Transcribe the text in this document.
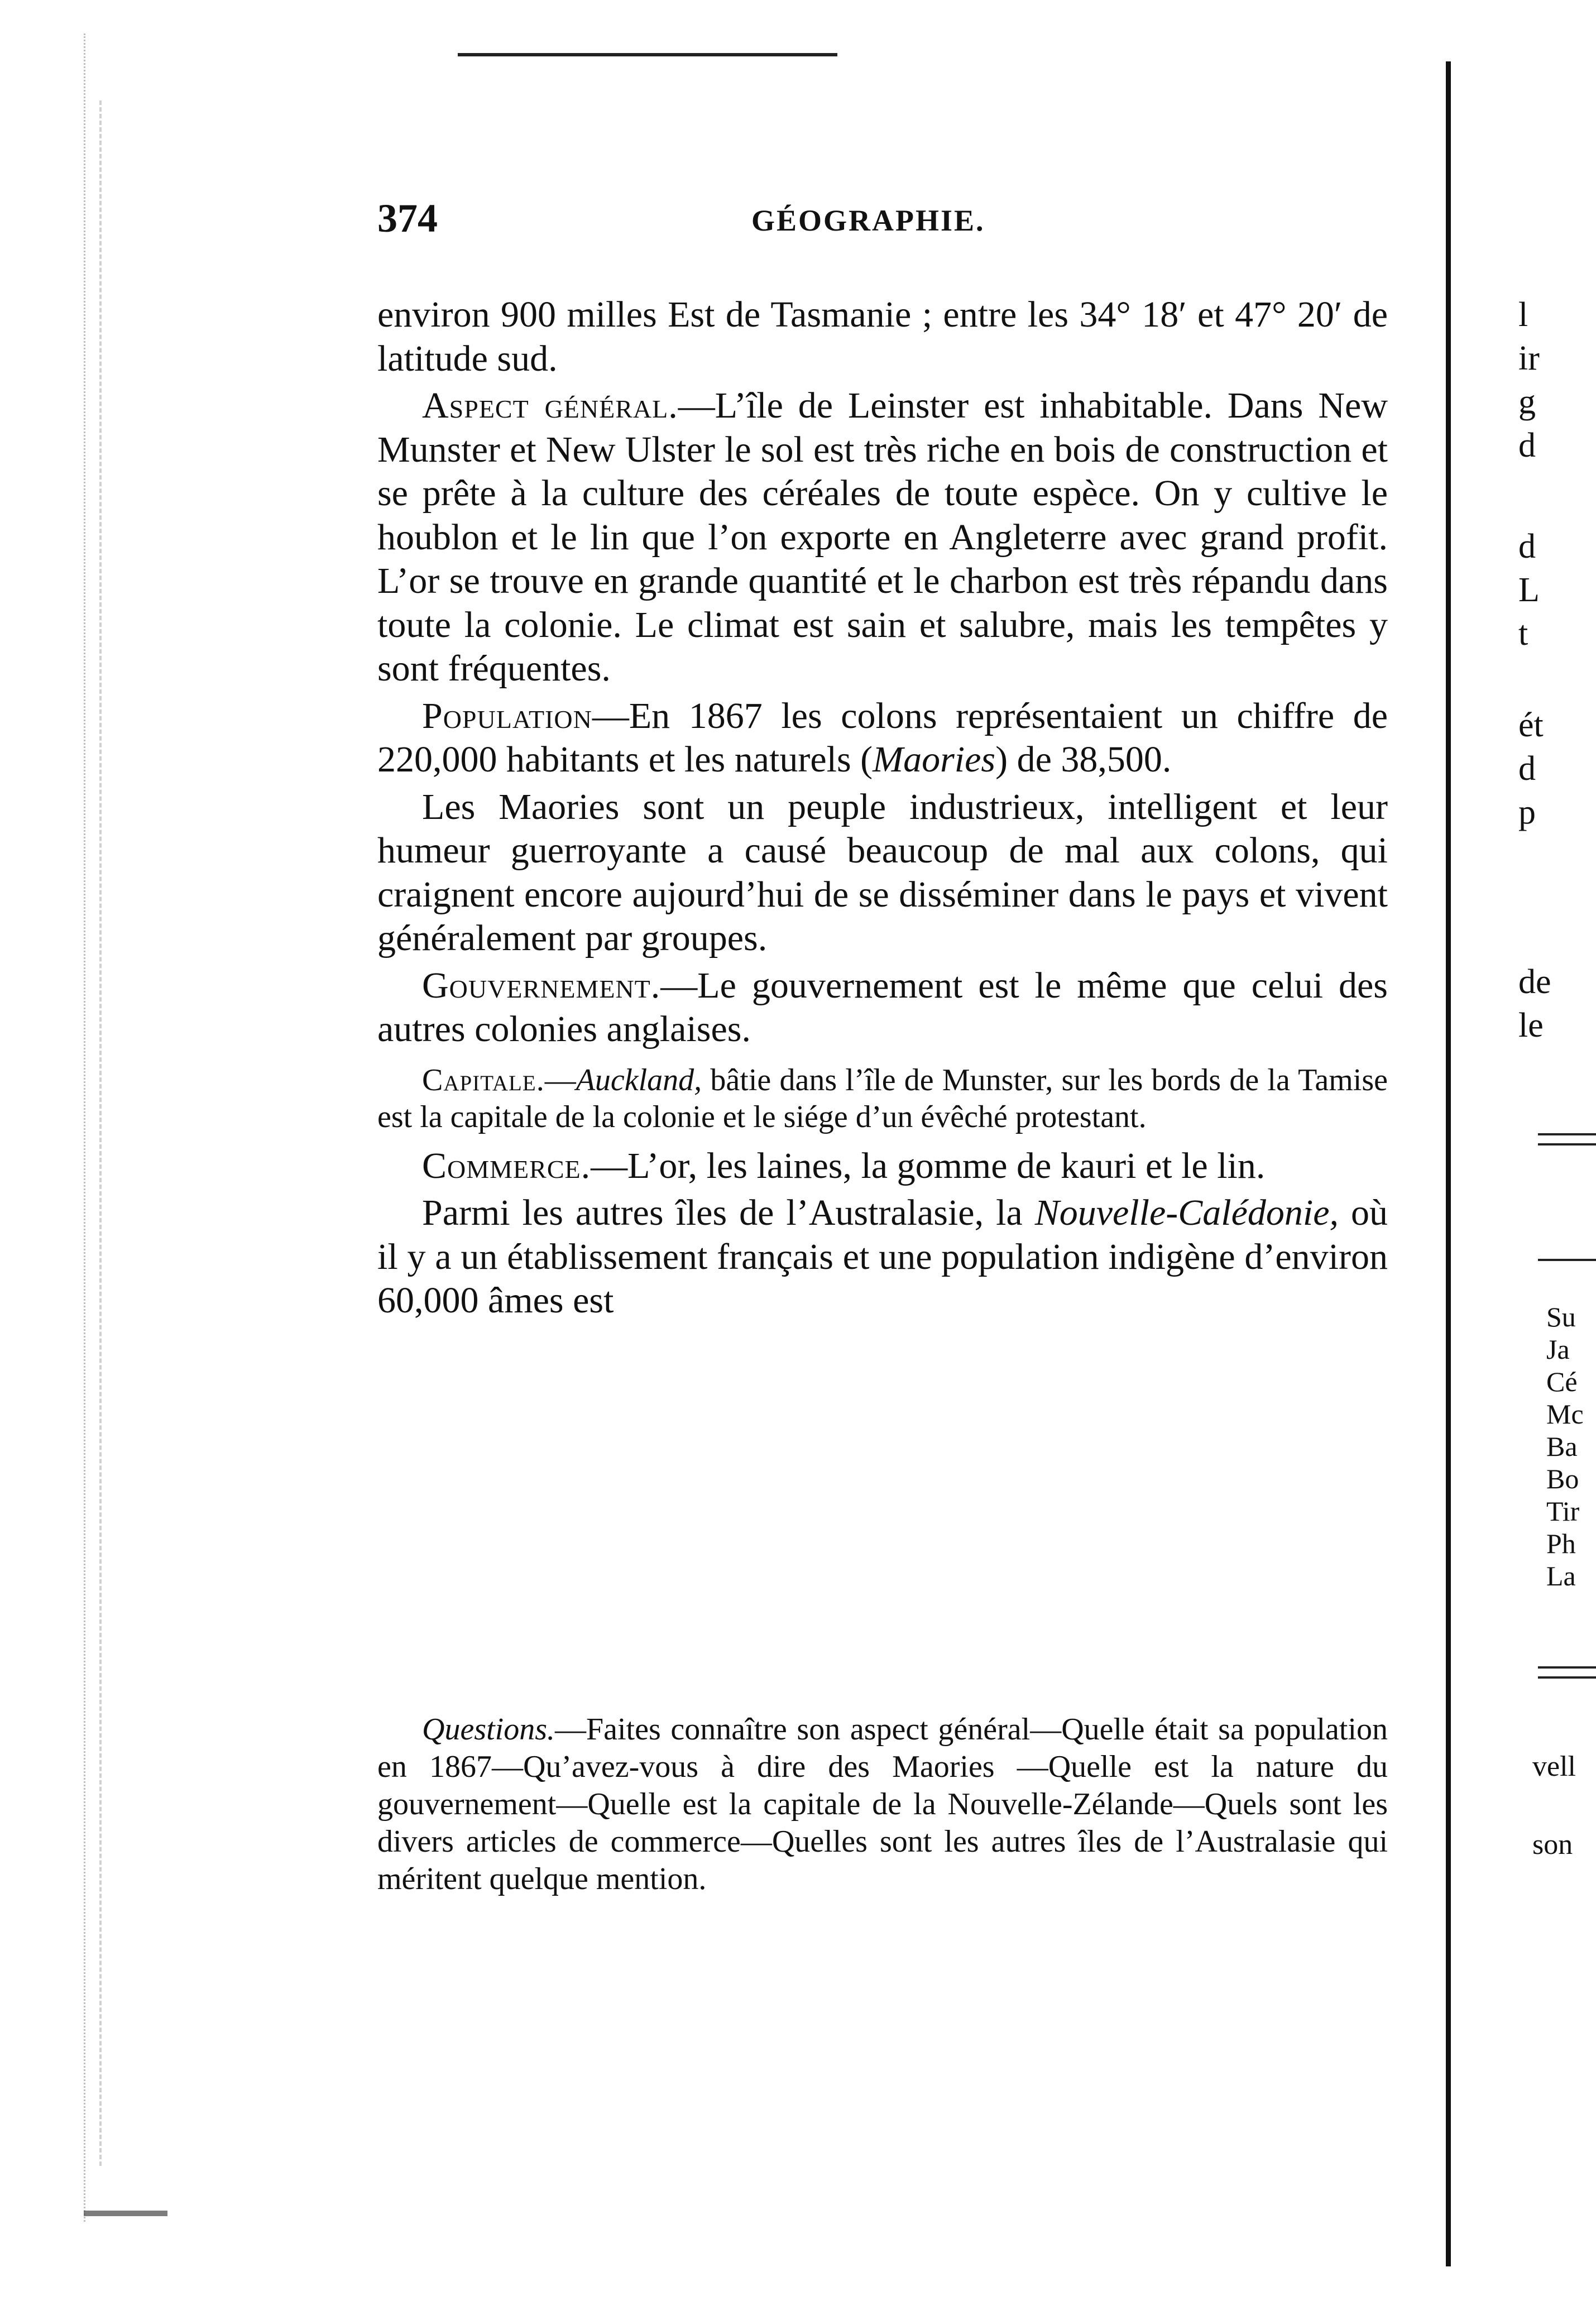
374	GÉOGRAPHIE.

environ 900 milles Est de Tasmanie ; entre les 34° 18′ et 47° 20′ de latitude sud.

Aspect général.—L’île de Leinster est inhabitable. Dans New Munster et New Ulster le sol est très riche en bois de construction et se prête à la culture des céréales de toute espèce. On y cultive le houblon et le lin que l’on exporte en Angleterre avec grand profit. L’or se trouve en grande quantité et le charbon est très répandu dans toute la colonie. Le climat est sain et salubre, mais les tempêtes y sont fréquentes.

Population—En 1867 les colons représentaient un chiffre de 220,000 habitants et les naturels (Maories) de 38,500.

Les Maories sont un peuple industrieux, intelligent et leur humeur guerroyante a causé beaucoup de mal aux colons, qui craignent encore aujourd’hui de se disséminer dans le pays et vivent généralement par groupes.

Gouvernement.—Le gouvernement est le même que celui des autres colonies anglaises.

Capitale.—Auckland, bâtie dans l’île de Munster, sur les bords de la Tamise est la capitale de la colonie et le siége d’un évêché protestant.

Commerce.—L’or, les laines, la gomme de kauri et le lin.

Parmi les autres îles de l’Australasie, la Nouvelle-Calédonie, où il y a un établissement français et une population indigène d’environ 60,000 âmes est

Questions.—Faites connaître son aspect général—Quelle était sa population en 1867—Qu’avez-vous à dire des Maories —Quelle est la nature du gouvernement—Quelle est la capitale de la Nouvelle-Zélande—Quels sont les divers articles de commerce—Quelles sont les autres îles de l’Australasie qui méritent quelque mention.
l
ir
g
d
d
L
t
ét
d
p
de
le
Su
Ja
Cé
Mc
Ba
Bo
Tir
Ph
La
vell
son
